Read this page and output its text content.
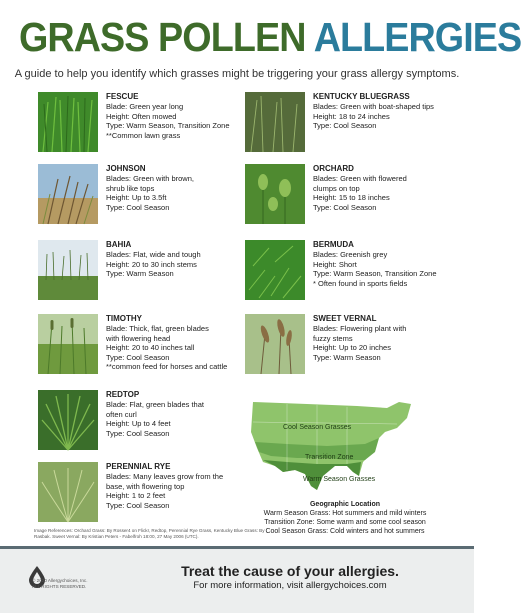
GRASS POLLEN ALLERGIES
A guide to help you identify which grasses might be triggering your grass allergy symptoms.
FESCUE
Blade: Green year long
Height: Often mowed
Type: Warm Season, Transition Zone
**Common lawn grass
JOHNSON
Blades: Green with brown,
shrub like tops
Height: Up to 3.5ft
Type: Cool Season
BAHIA
Blades: Flat, wide and tough
Height: 20 to 30 inch stems
Type: Warm Season
TIMOTHY
Blade: Thick, flat, green blades
with flowering head
Height: 20 to 40 inches tall
Type: Cool Season
**common feed for horses and cattle
REDTOP
Blade: Flat, green blades that
often curl
Height: Up to 4 feet
Type: Cool Season
PERENNIAL RYE
Blades: Many leaves grow from the
base, with flowering top
Height: 1 to 2 feet
Type: Cool Season
KENTUCKY BLUEGRASS
Blades: Green with boat-shaped tips
Height: 18 to 24 inches
Type: Cool Season
ORCHARD
Blades: Green with flowered
clumps on top
Height: 15 to 18 inches
Type: Cool Season
BERMUDA
Blades: Greenish grey
Height: Short
Type: Warm Season, Transition Zone
* Often found in sports fields
SWEET VERNAL
Blades: Flowering plant with
fuzzy stems
Height: Up to 20 inches
Type: Warm Season
Cool Season Grasses
Transition Zone
Warm Season Grasses
Geographic Location
Warm Season Grass: Hot summers and mild winters
Transition Zone: Some warm and some cool season
Cool Season Grass: Cold winters and hot summers
Image References: Orchard Grass: By Rosser4 on Flickr, Redtop, Perennial Rye Grass, Kentucky Blue Grass: By Rasbak. Sweet Vernal: By Kristian Peters - Fabelfroh 18:00, 27 May 2006 (UTC).
© 2020 Allergychoices, Inc.
ALL RIGHTS RESERVED.
Treat the cause of your allergies.
For more information, visit allergychoices.com
